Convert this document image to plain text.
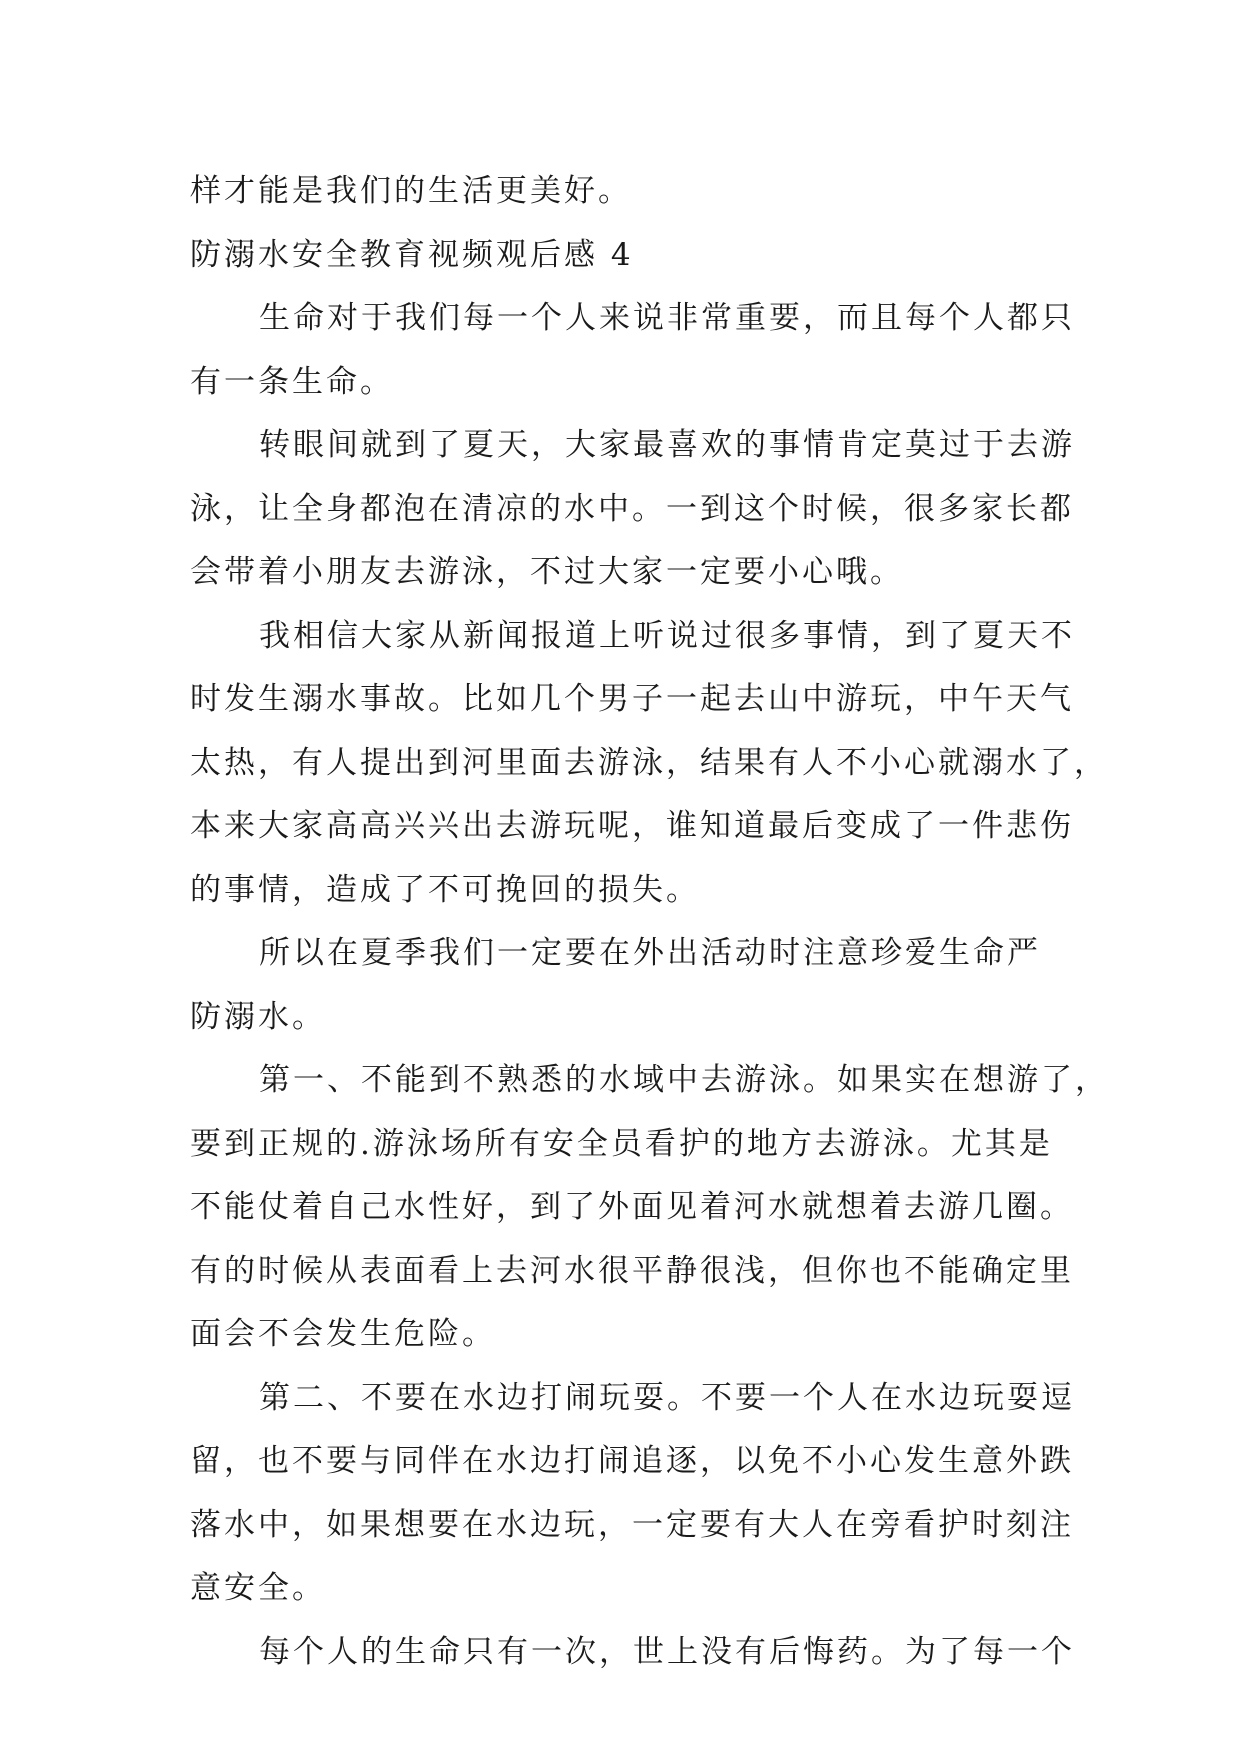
样才能是我们的生活更美好。
防溺水安全教育视频观后感 4
生命对于我们每一个人来说非常重要，而且每个人都只
有一条生命。
转眼间就到了夏天，大家最喜欢的事情肯定莫过于去游
泳，让全身都泡在清凉的水中。一到这个时候，很多家长都
会带着小朋友去游泳，不过大家一定要小心哦。
我相信大家从新闻报道上听说过很多事情，到了夏天不
时发生溺水事故。比如几个男子一起去山中游玩，中午天气
太热，有人提出到河里面去游泳，结果有人不小心就溺水了，
本来大家高高兴兴出去游玩呢，谁知道最后变成了一件悲伤
的事情，造成了不可挽回的损失。
所以在夏季我们一定要在外出活动时注意珍爱生命严
防溺水。
第一、不能到不熟悉的水域中去游泳。如果实在想游了，
要到正规的.游泳场所有安全员看护的地方去游泳。尤其是
不能仗着自己水性好，到了外面见着河水就想着去游几圈。
有的时候从表面看上去河水很平静很浅，但你也不能确定里
面会不会发生危险。
第二、不要在水边打闹玩耍。不要一个人在水边玩耍逗
留，也不要与同伴在水边打闹追逐，以免不小心发生意外跌
落水中，如果想要在水边玩，一定要有大人在旁看护时刻注
意安全。
每个人的生命只有一次，世上没有后悔药。为了每一个
